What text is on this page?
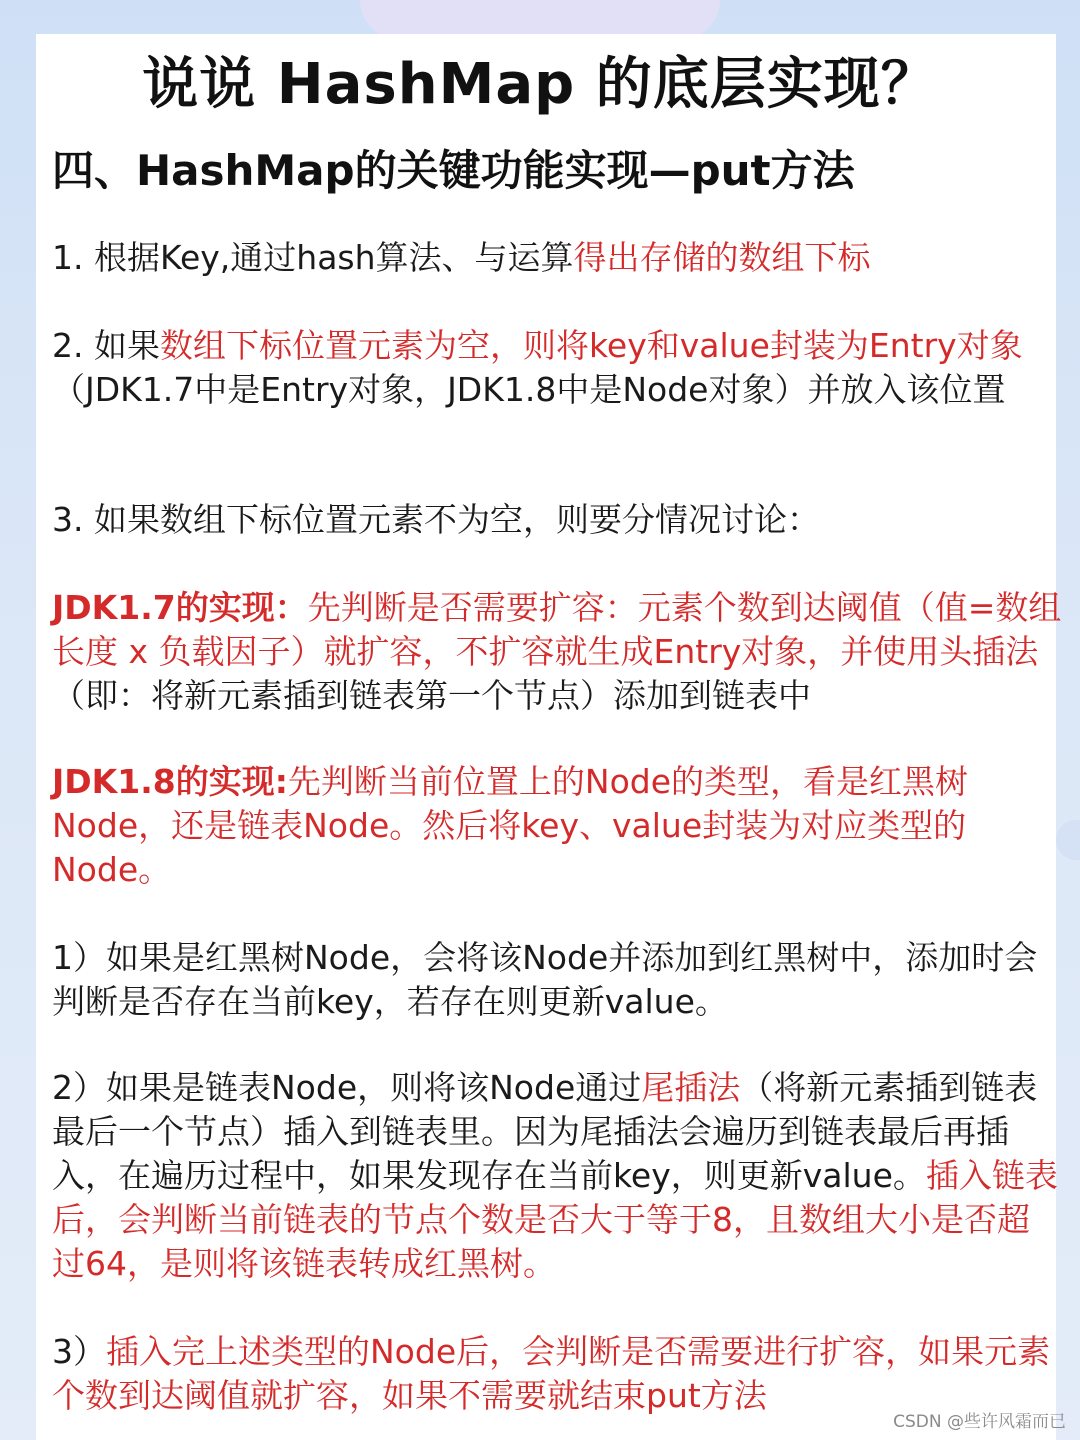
说说 HashMap 的底层实现？
四、HashMap的关键功能实现—put方法
1. 根据Key,通过hash算法、与运算得出存储的数组下标
2. 如果数组下标位置元素为空，则将key和value封装为Entry对象（JDK1.7中是Entry对象，JDK1.8中是Node对象）并放入该位置
3. 如果数组下标位置元素不为空，则要分情况讨论：
JDK1.7的实现：先判断是否需要扩容：元素个数到达阈值（值=数组长度 x 负载因子）就扩容，不扩容就生成Entry对象，并使用头插法（即：将新元素插到链表第一个节点）添加到链表中
JDK1.8的实现:先判断当前位置上的Node的类型，看是红黑树Node，还是链表Node。然后将key、value封装为对应类型的Node。
1）如果是红黑树Node，会将该Node并添加到红黑树中，添加时会判断是否存在当前key，若存在则更新value。
2）如果是链表Node，则将该Node通过尾插法（将新元素插到链表最后一个节点）插入到链表里。因为尾插法会遍历到链表最后再插入，在遍历过程中，如果发现存在当前key，则更新value。插入链表后，会判断当前链表的节点个数是否大于等于8，且数组大小是否超过64，是则将该链表转成红黑树。
3）插入完上述类型的Node后，会判断是否需要进行扩容，如果元素个数到达阈值就扩容，如果不需要就结束put方法
CSDN @些许风霜而已
